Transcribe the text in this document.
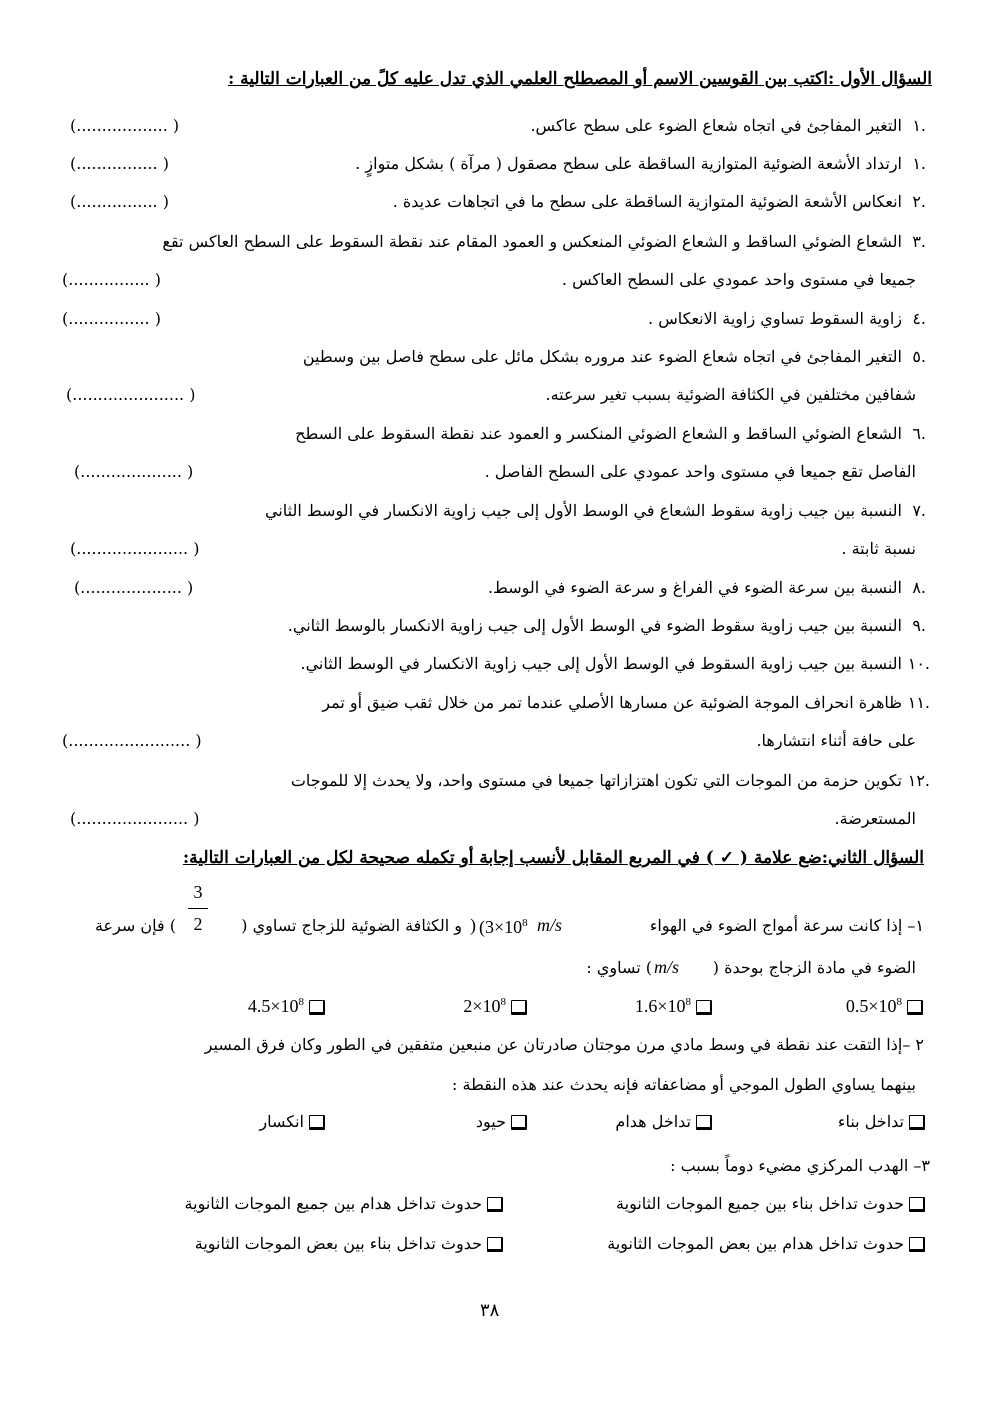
السؤال الأول :اكتب بين القوسين الاسم أو المصطلح العلمي الذي تدل عليه كلً من العبارات التالية :
التغير المفاجئ في اتجاه شعاع الضوء على سطح عاكس. ١.
(.................. )
ارتداد الأشعة الضوئية المتوازية الساقطة على سطح مصقول ( مرآة ) بشكل متوازٍ . ١.
(................ )
انعكاس الأشعة الضوئية المتوازية الساقطة على سطح ما في اتجاهات عديدة . ٢.
(................ )
الشعاع الضوئي الساقط و الشعاع الضوئي المنعكس و العمود المقام عند نقطة السقوط على السطح العاكس تقع ٣.
جميعا في مستوى واحد عمودي على السطح العاكس .
(................ )
زاوية السقوط تساوي زاوية الانعكاس . ٤.
(................ )
التغير المفاجئ في اتجاه شعاع الضوء عند مروره بشكل مائل على سطح فاصل بين وسطين ٥.
شفافين مختلفين في الكثافة الضوئية بسبب تغير سرعته.
(...................... )
الشعاع الضوئي الساقط و الشعاع الضوئي المنكسر و العمود عند نقطة السقوط على السطح ٦.
الفاصل تقع جميعا في مستوى واحد عمودي على السطح الفاصل .
(.................... )
النسبة بين جيب زاوية سقوط الشعاع في الوسط الأول إلى جيب زاوية الانكسار في الوسط الثاني ٧.
نسبة ثابتة .
(...................... )
النسبة بين سرعة الضوء في الفراغ و سرعة الضوء في الوسط. ٨.
(.................... )
النسبة بين جيب زاوية سقوط الضوء في الوسط الأول إلى جيب زاوية الانكسار بالوسط الثاني. ٩.
النسبة بين جيب زاوية السقوط في الوسط الأول إلى جيب زاوية الانكسار في الوسط الثاني. ١٠.
ظاهرة انحراف الموجة الضوئية عن مسارها الأصلي عندما تمر من خلال ثقب ضيق أو تمر ١١.
على حافة أثناء انتشارها.
(........................ )
تكوين حزمة من الموجات التي تكون اهتزازاتها جميعا في مستوى واحد، ولا يحدث إلا للموجات ١٢.
المستعرضة.
(...................... )
السؤال الثاني:ضع علامة ( ✓ ) في المربع المقابل لأنسب إجابة أو تكمله صحيحة لكل من العبارات التالية:
3
2	١– إذا كانت سرعة أمواج الضوء في الهواء
m/s
($3\times 10^8$
)
و الكثافة الضوئية للزجاج تساوي (
) فإن سرعة
الضوء في مادة الزجاج بوحدة (
m/s
) تساوي :
$0.5\times 10^8$
$1.6\times 10^8$
$2\times 10^8$
$4.5\times 10^8$
٢ –إذا التقت عند نقطة في وسط مادي مرن موجتان صادرتان عن منبعين متفقين في الطور وكان فرق المسير
بينهما يساوي الطول الموجي أو مضاعفاته فإنه يحدث عند هذه النقطة :
تداخل بناء
تداخل هدام
حيود
انكسار
٣– الهدب المركزي مضيء دوماً بسبب :
حدوث تداخل بناء بين جميع الموجات الثانوية
حدوث تداخل هدام بين جميع الموجات الثانوية
حدوث تداخل هدام بين بعض الموجات الثانوية
حدوث تداخل بناء بين بعض الموجات الثانوية
٣٨
